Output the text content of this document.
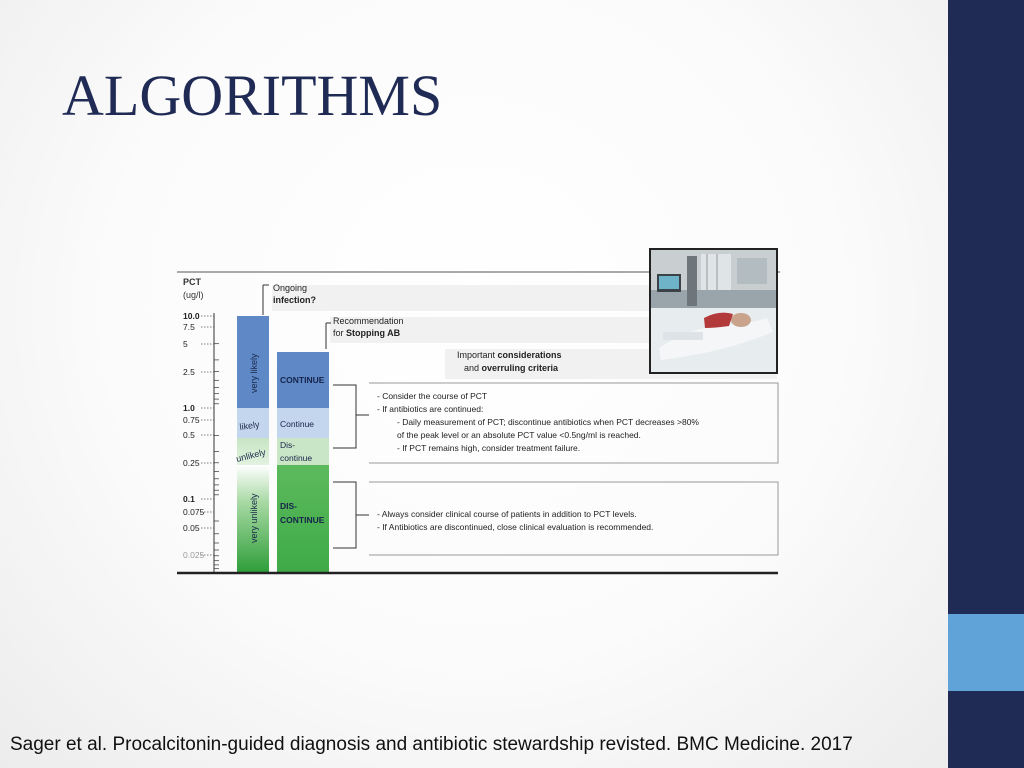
ALGORITHMS
PCT
(ug/l)
Ongoing
infection?
Recommendation
for Stopping AB
Important considerations
and overruling criteria
very likely
likely
unlikely
very unlikely
CONTINUE
Continue
Dis-
continue
DIS-
CONTINUE
- Consider the course of PCT
- If antibiotics are continued:
- Daily measurement of PCT; discontinue antibiotics when PCT decreases >80%
of the peak level or an absolute PCT value <0.5ng/ml is reached.
- If PCT remains high, consider treatment failure.
- Always consider clinical course of patients in addition to PCT levels.
- If Antibiotics are discontinued, close clinical evaluation is recommended.
10.0
7.5
5
2.5
1.0
0.75
0.5
0.25
0.1
0.075
0.05
0.025
Sager et al. Procalcitonin-guided diagnosis and antibiotic stewardship revisted. BMC Medicine. 2017
